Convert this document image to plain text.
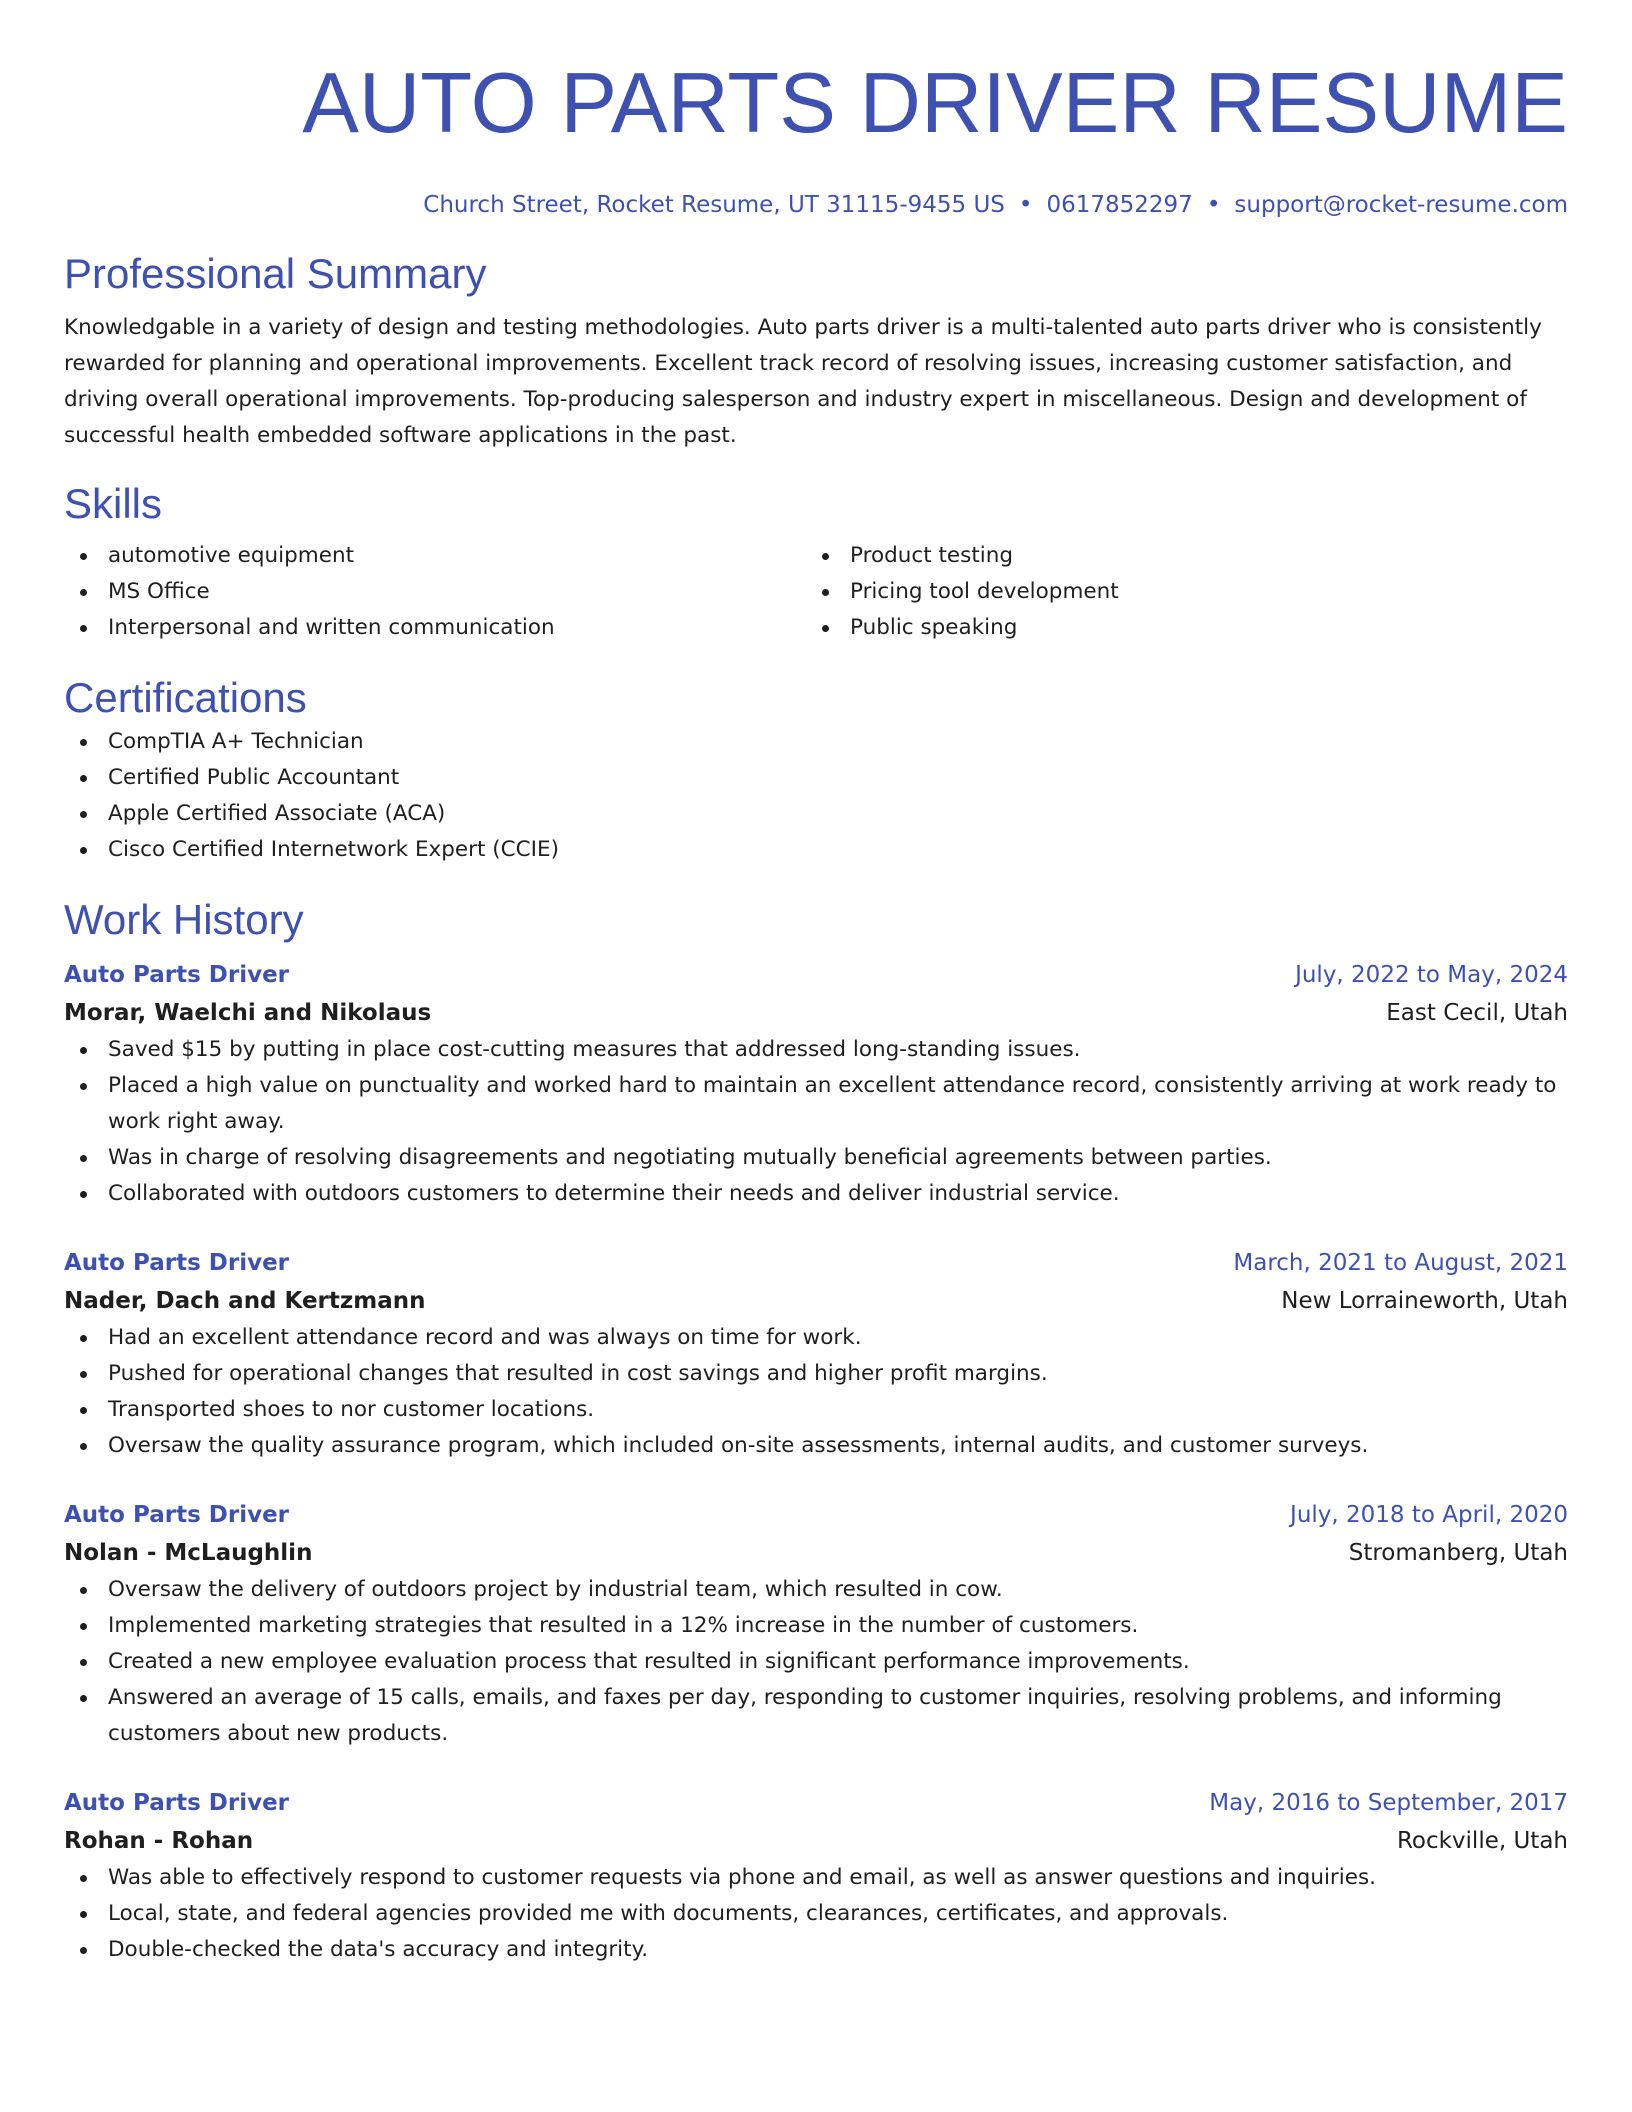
AUTO PARTS DRIVER RESUME
Church Street, Rocket Resume, UT 31115-9455 US • 0617852297 • support@rocket-resume.com
Professional Summary
Knowledgable in a variety of design and testing methodologies. Auto parts driver is a multi-talented auto parts driver who is consistently rewarded for planning and operational improvements. Excellent track record of resolving issues, increasing customer satisfaction, and driving overall operational improvements. Top-producing salesperson and industry expert in miscellaneous. Design and development of successful health embedded software applications in the past.
Skills
automotive equipment
MS Office
Interpersonal and written communication
Product testing
Pricing tool development
Public speaking
Certifications
CompTIA A+ Technician
Certified Public Accountant
Apple Certified Associate (ACA)
Cisco Certified Internetwork Expert (CCIE)
Work History
Auto Parts Driver	July, 2022 to May, 2024
Morar, Waelchi and Nikolaus	East Cecil, Utah
Saved $15 by putting in place cost-cutting measures that addressed long-standing issues.
Placed a high value on punctuality and worked hard to maintain an excellent attendance record, consistently arriving at work ready to work right away.
Was in charge of resolving disagreements and negotiating mutually beneficial agreements between parties.
Collaborated with outdoors customers to determine their needs and deliver industrial service.
Auto Parts Driver	March, 2021 to August, 2021
Nader, Dach and Kertzmann	New Lorraineworth, Utah
Had an excellent attendance record and was always on time for work.
Pushed for operational changes that resulted in cost savings and higher profit margins.
Transported shoes to nor customer locations.
Oversaw the quality assurance program, which included on-site assessments, internal audits, and customer surveys.
Auto Parts Driver	July, 2018 to April, 2020
Nolan - McLaughlin	Stromanberg, Utah
Oversaw the delivery of outdoors project by industrial team, which resulted in cow.
Implemented marketing strategies that resulted in a 12% increase in the number of customers.
Created a new employee evaluation process that resulted in significant performance improvements.
Answered an average of 15 calls, emails, and faxes per day, responding to customer inquiries, resolving problems, and informing customers about new products.
Auto Parts Driver	May, 2016 to September, 2017
Rohan - Rohan	Rockville, Utah
Was able to effectively respond to customer requests via phone and email, as well as answer questions and inquiries.
Local, state, and federal agencies provided me with documents, clearances, certificates, and approvals.
Double-checked the data's accuracy and integrity.
